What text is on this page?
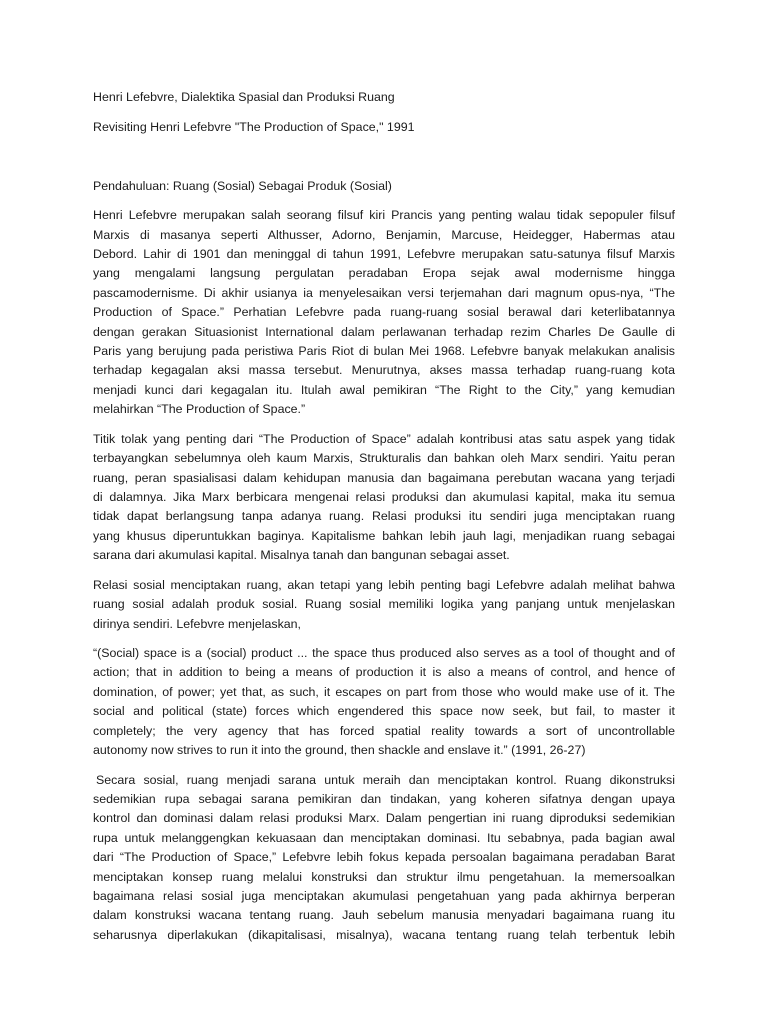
Henri Lefebvre, Dialektika Spasial dan Produksi Ruang
Revisiting Henri Lefebvre "The Production of Space," 1991
Pendahuluan: Ruang (Sosial) Sebagai Produk (Sosial)
Henri Lefebvre merupakan salah seorang filsuf kiri Prancis yang penting walau tidak sepopuler filsuf
Marxis di masanya seperti Althusser, Adorno, Benjamin, Marcuse, Heidegger, Habermas atau
Debord. Lahir di 1901 dan meninggal di tahun 1991, Lefebvre merupakan satu-satunya filsuf Marxis
yang mengalami langsung pergulatan peradaban Eropa sejak awal modernisme hingga
pascamodernisme. Di akhir usianya ia menyelesaikan versi terjemahan dari magnum opus-nya, “The
Production of Space.” Perhatian Lefebvre pada ruang-ruang sosial berawal dari keterlibatannya
dengan gerakan Situasionist International dalam perlawanan terhadap rezim Charles De Gaulle di
Paris yang berujung pada peristiwa Paris Riot di bulan Mei 1968. Lefebvre banyak melakukan analisis
terhadap kegagalan aksi massa tersebut. Menurutnya, akses massa terhadap ruang-ruang kota
menjadi kunci dari kegagalan itu. Itulah awal pemikiran “The Right to the City,” yang kemudian
melahirkan “The Production of Space.”
Titik tolak yang penting dari “The Production of Space” adalah kontribusi atas satu aspek yang tidak
terbayangkan sebelumnya oleh kaum Marxis, Strukturalis dan bahkan oleh Marx sendiri. Yaitu peran
ruang, peran spasialisasi dalam kehidupan manusia dan bagaimana perebutan wacana yang terjadi
di dalamnya. Jika Marx berbicara mengenai relasi produksi dan akumulasi kapital, maka itu semua
tidak dapat berlangsung tanpa adanya ruang. Relasi produksi itu sendiri juga menciptakan ruang
yang khusus diperuntukkan baginya. Kapitalisme bahkan lebih jauh lagi, menjadikan ruang sebagai
sarana dari akumulasi kapital. Misalnya tanah dan bangunan sebagai asset.
Relasi sosial menciptakan ruang, akan tetapi yang lebih penting bagi Lefebvre adalah melihat bahwa
ruang sosial adalah produk sosial. Ruang sosial memiliki logika yang panjang untuk menjelaskan
dirinya sendiri. Lefebvre menjelaskan,
“(Social) space is a (social) product ... the space thus produced also serves as a tool of thought and of
action; that in addition to being a means of production it is also a means of control, and hence of
domination, of power; yet that, as such, it escapes on part from those who would make use of it. The
social and political (state) forces which engendered this space now seek, but fail, to master it
completely; the very agency that has forced spatial reality towards a sort of uncontrollable
autonomy now strives to run it into the ground, then shackle and enslave it.” (1991, 26-27)
Secara sosial, ruang menjadi sarana untuk meraih dan menciptakan kontrol. Ruang dikonstruksi
sedemikian rupa sebagai sarana pemikiran dan tindakan, yang koheren sifatnya dengan upaya
kontrol dan dominasi dalam relasi produksi Marx. Dalam pengertian ini ruang diproduksi sedemikian
rupa untuk melanggengkan kekuasaan dan menciptakan dominasi. Itu sebabnya, pada bagian awal
dari “The Production of Space,” Lefebvre lebih fokus kepada persoalan bagaimana peradaban Barat
menciptakan konsep ruang melalui konstruksi dan struktur ilmu pengetahuan. Ia memersoalkan
bagaimana relasi sosial juga menciptakan akumulasi pengetahuan yang pada akhirnya berperan
dalam konstruksi wacana tentang ruang. Jauh sebelum manusia menyadari bagaimana ruang itu
seharusnya diperlakukan (dikapitalisasi, misalnya), wacana tentang ruang telah terbentuk lebih
